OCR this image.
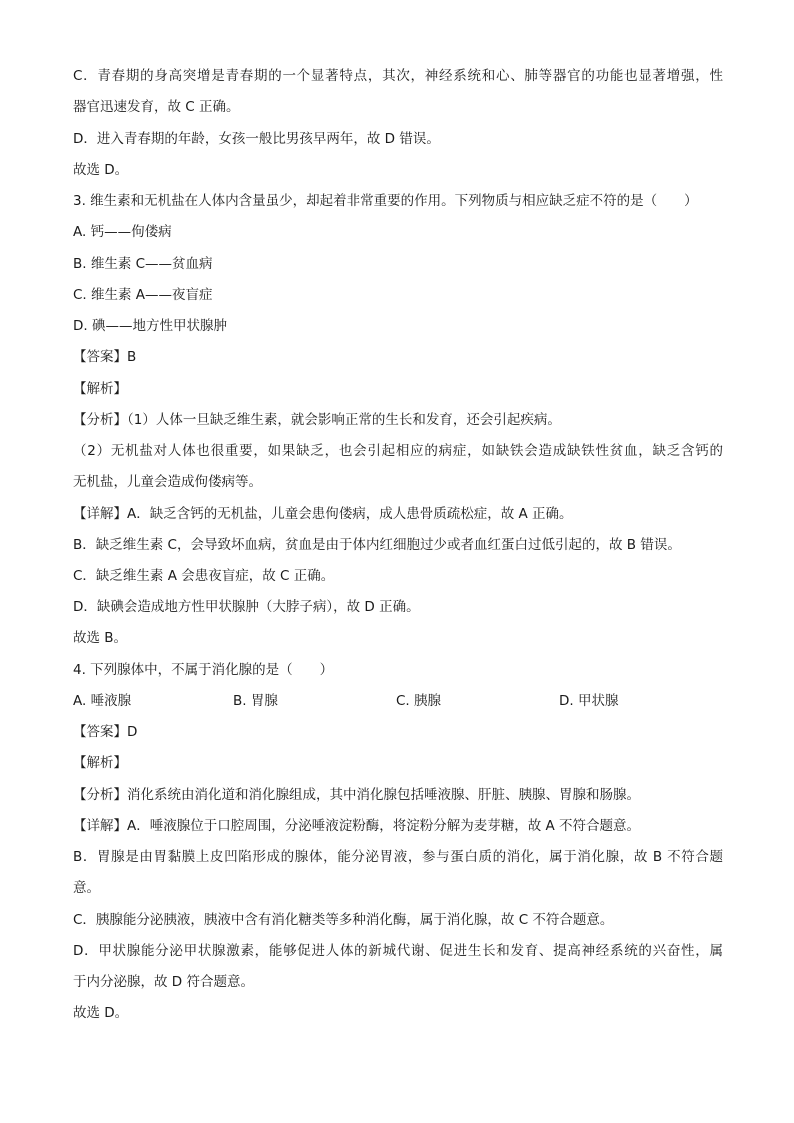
C．青春期的身高突增是青春期的一个显著特点，其次，神经系统和心、肺等器官的功能也显著增强，性
器官迅速发育，故 C 正确。
D．进入青春期的年龄，女孩一般比男孩早两年，故 D 错误。
故选 D。
3. 维生素和无机盐在人体内含量虽少，却起着非常重要的作用。下列物质与相应缺乏症不符的是（　　）
A. 钙——佝偻病
B. 维生素 C——贫血病
C. 维生素 A——夜盲症
D. 碘——地方性甲状腺肿
【答案】B
【解析】
【分析】（1）人体一旦缺乏维生素，就会影响正常的生长和发育，还会引起疾病。
（2）无机盐对人体也很重要，如果缺乏，也会引起相应的病症，如缺铁会造成缺铁性贫血，缺乏含钙的
无机盐，儿童会造成佝偻病等。
【详解】A．缺乏含钙的无机盐，儿童会患佝偻病，成人患骨质疏松症，故 A 正确。
B．缺乏维生素 C，会导致坏血病，贫血是由于体内红细胞过少或者血红蛋白过低引起的，故 B 错误。
C．缺乏维生素 A 会患夜盲症，故 C 正确。
D．缺碘会造成地方性甲状腺肿（大脖子病），故 D 正确。
故选 B。
4. 下列腺体中，不属于消化腺的是（　　）
A. 唾液腺	B. 胃腺	C. 胰腺	D. 甲状腺
【答案】D
【解析】
【分析】消化系统由消化道和消化腺组成，其中消化腺包括唾液腺、肝脏、胰腺、胃腺和肠腺。
【详解】A．唾液腺位于口腔周围，分泌唾液淀粉酶，将淀粉分解为麦芽糖，故 A 不符合题意。
B．胃腺是由胃黏膜上皮凹陷形成的腺体，能分泌胃液，参与蛋白质的消化，属于消化腺，故 B 不符合题
意。
C．胰腺能分泌胰液，胰液中含有消化糖类等多种消化酶，属于消化腺，故 C 不符合题意。
D．甲状腺能分泌甲状腺激素，能够促进人体的新城代谢、促进生长和发育、提高神经系统的兴奋性，属
于内分泌腺，故 D 符合题意。
故选 D。
